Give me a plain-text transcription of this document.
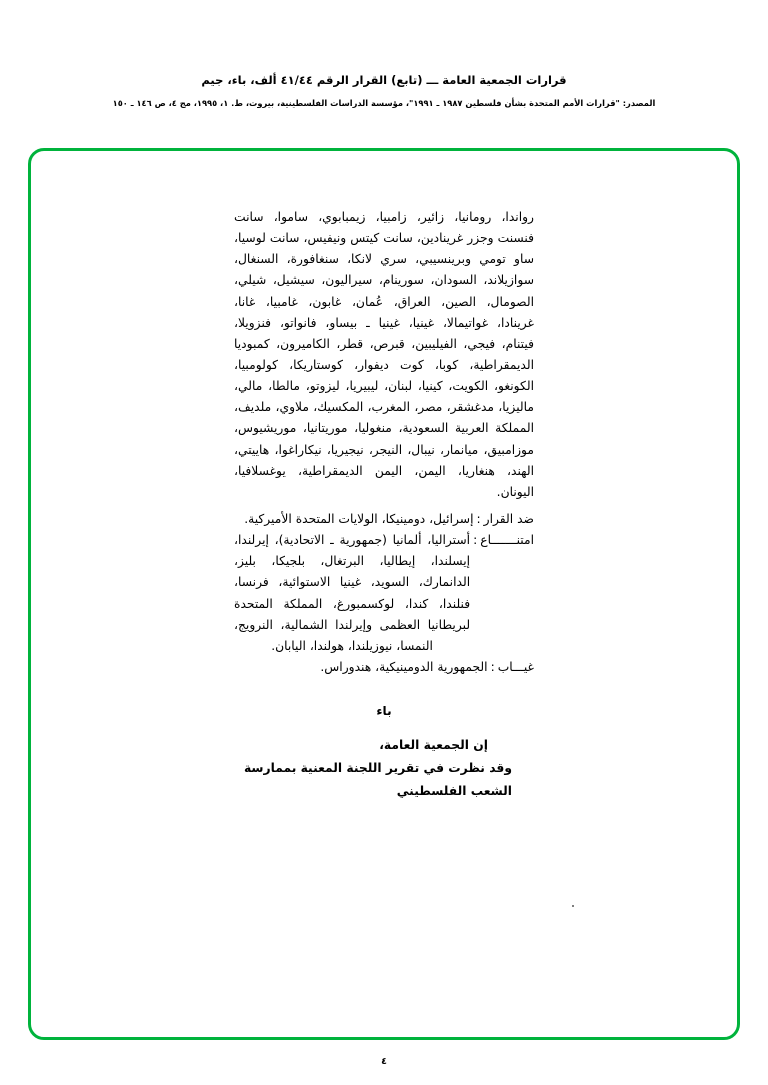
قرارات الجمعية العامة ـــ (تابع) القرار الرقم ٤١/٤٤ ألف، باء، جيم
المصدر: "قرارات الأمم المتحدة بشأن فلسطين ١٩٨٧ ـ ١٩٩١"، مؤسسة الدراسات الفلسطينية، بيروت، ط. ١، ١٩٩٥، مج ٤، ص ١٤٦ ـ ١٥٠
رواندا، رومانيا، زائير، زامبيا، زيمبابوي، ساموا، سانت فنسنت وجزر غرينادين، سانت كيتس ونيفيس، سانت لوسيا، ساو تومي وبرينسيبي، سري لانكا، سنغافورة، السنغال، سوازيلاند، السودان، سورينام، سيراليون، سيشيل، شيلي، الصومال، الصين، العراق، عُمان، غابون، غامبيا، غانا، غرينادا، غواتيمالا، غينيا، غينيا ـ بيساو، فانواتو، فنزويلا، فيتنام، فيجي، الفيليبين، قبرص، قطر، الكاميرون، كمبوديا الديمقراطية، كوبا، كوت ديفوار، كوستاريكا، كولومبيا، الكونغو، الكويت، كينيا، لبنان، ليبيريا، ليزوتو، مالطا، مالي، ماليزيا، مدغشقر، مصر، المغرب، المكسيك، ملاوي، ملديف، المملكة العربية السعودية، منغوليا، موريتانيا، موريشيوس، موزامبيق، ميانمار، نيبال، النيجر، نيجيريا، نيكاراغوا، هاييتي، الهند، هنغاريا، اليمن، اليمن الديمقراطية، يوغسلافيا،
اليونان.
ضد القرار
:
إسرائيل، دومينيكا، الولايات المتحدة الأميركية.
امتنـــــــاع
:
أستراليا، ألمانيا (جمهورية ـ الاتحادية)، إيرلندا، إيسلندا، إيطاليا، البرتغال، بلجيكا، بليز، الدانمارك، السويد، غينيا الاستوائية، فرنسا، فنلندا، كندا، لوكسمبورغ، المملكة المتحدة لبريطانيا العظمى وإيرلندا الشمالية، النرويج،
النمسا، نيوزيلندا، هولندا، اليابان.
غيـــاب
:
الجمهورية الدومينيكية، هندوراس.
باء
إن الجمعية العامة،
وقد نظرت في تقرير اللجنة المعنية بممارسة الشعب الفلسطيني
٤
